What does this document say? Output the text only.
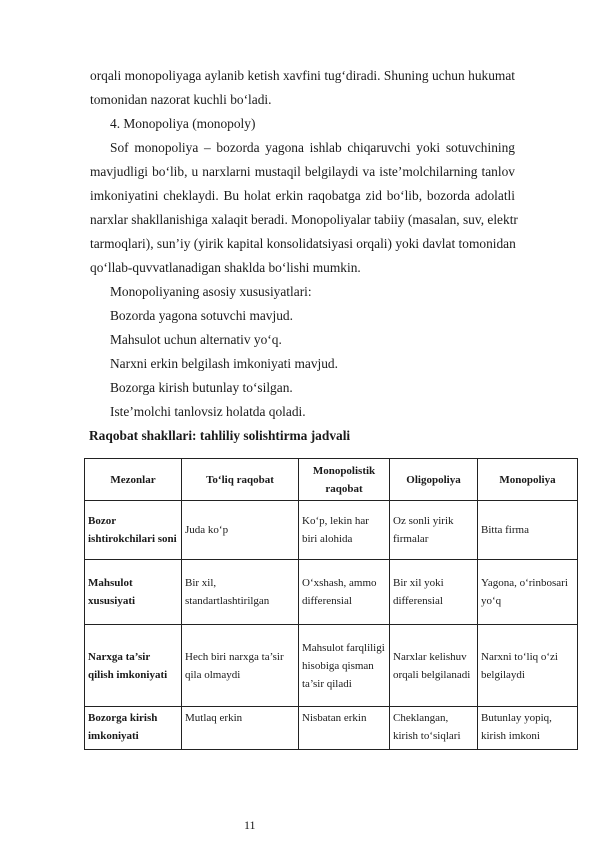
orqali monopoliyaga aylanib ketish xavfini tug‘diradi. Shuning uchun hukumat
tomonidan nazorat kuchli bo‘ladi.
4. Monopoliya (monopoly)
Sof monopoliya – bozorda yagona ishlab chiqaruvchi yoki sotuvchining
mavjudligi bo‘lib, u narxlarni mustaqil belgilaydi va iste’molchilarning tanlov
imkoniyatini cheklaydi. Bu holat erkin raqobatga zid bo‘lib, bozorda adolatli
narxlar shakllanishiga xalaqit beradi. Monopoliyalar tabiiy (masalan, suv, elektr
tarmoqlari), sun’iy (yirik kapital konsolidatsiyasi orqali) yoki davlat tomonidan
qo‘llab-quvvatlanadigan shaklda bo‘lishi mumkin.
Monopoliyaning asosiy xususiyatlari:
Bozorda yagona sotuvchi mavjud.
Mahsulot uchun alternativ yo‘q.
Narxni erkin belgilash imkoniyati mavjud.
Bozorga kirish butunlay to‘silgan.
Iste’molchi tanlovsiz holatda qoladi.
Raqobat shakllari: tahliliy solishtirma jadvali
Mezonlar	To‘liq raqobat	Monopolistik raqobat	Oligopoliya	Monopoliya
Bozor ishtirokchilari soni	Juda ko‘p	Ko‘p, lekin har biri alohida	Oz sonli yirik firmalar	Bitta firma
Mahsulot xususiyati	Bir xil, standartlashtirilgan	O‘xshash, ammo differensial	Bir xil yoki differensial	Yagona, o‘rinbosari yo‘q
Narxga ta’sir qilish imkoniyati	Hech biri narxga ta’sir qila olmaydi	Mahsulot farqliligi hisobiga qisman ta’sir qiladi	Narxlar kelishuv orqali belgilanadi	Narxni to‘liq o‘zi belgilaydi
Bozorga kirish imkoniyati	Mutlaq erkin	Nisbatan erkin	Cheklangan, kirish to‘siqlari	Butunlay yopiq, kirish imkoni
11
